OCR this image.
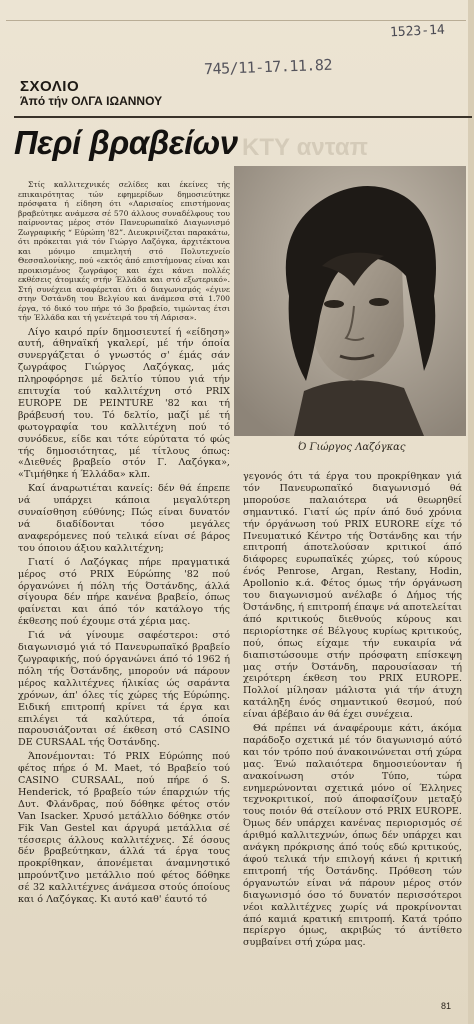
1523-14
745/11-17.11.82
ΣΧΟΛΙΟ
Άπό τήν ΟΛΓΑ ΙΩΑΝΝΟΥ
Περί βραβείων ΚΤΥ ανταπ
Ό Γιώργος Λαζόγκας

Στίς καλλιτεχνικές σελίδες και έκείνες τής επικαιρότητας τών εφημερίδων δημοσιεύτηκε πρόσφατα ή είδηση ότι «Λαρισαίος επιστήμονας βραβεύτηκε ανάμεσα σέ 570 άλλους συναδέλφους του παίρνοντας μέρος στόν Πανευρωπαϊκό Διαγωνισμό Ζωγραφικής “ Εύρώπη '82”. Διευκρινίζεται παρακάτω, ότι πρόκειται γιά τόν Γιώργο Λαζόγκα, άρχιτέκτονα και μόνιμο επιμελητή στό Πολυτεχνείο Θεσσαλονίκης, πού «εκτός άπό επιστήμονας είναι και προικισμένος ζωγράφος και έχει κάνει πολλές εκθέσεις άτομικές στήν Έλλάδα και στό εξωτερικό». Στή συνέχεια αναφέρεται ότι ό διαγωνισμός «έγινε στην Όστάνδη του Βελγίου και άνάμεσα στά 1.700 έργα, τό δικό του πήρε τό 3ο βραβείο, τιμώντας έτσι τήν Έλλάδα και τή γενέτειρά του τή Λάρισα».

Λίγο καιρό πρίν δημοσιευτεί ή «είδηση» αυτή, άθηναϊκή γκαλερί, μέ τήν όποία συνεργάζεται ό γνωστός σ' έμάς σάν ζωγράφος Γιώργος Λαζόγκας, μάς πληροφόρησε μέ δελτίο τύπου γιά τήν επιτυχία τού καλλιτέχνη στό PRIX EUROPE DE PEINTURE '82 και τή βράβευσή του. Τό δελτίο, μαζί μέ τή φωτογραφία του καλλιτέχνη πού τό συνόδευε, είδε και τότε εύρύτατα τό φώς τής δημοσιότητας, μέ τίτλους όπως: «Διεθνές βραβείο στόν Γ. Λαζόγκα», «Τιμήθηκε ή Έλλάδα» κλπ.

Καί άναρωτιέται κανείς: δέν θά έπρεπε νά υπάρχει κάποια μεγαλύτερη συναίσθηση εύθύνης; Πώς είναι δυνατόν νά διαδίδονται τόσο μεγάλες αναφερόμενες πού τελικά είναι σέ βάρος του όποιου άξιου καλλιτέχνη;

Γιατί ό Λαζόγκας πήρε πραγματικά μέρος στό PRIX Εύρώπης '82 πού όργανώνει ή πόλη τής Όστάνδης, άλλά σίγουρα δέν πήρε κανένα βραβείο, όπως φαίνεται και άπό τόν κατάλογο τής έκθεσης πού έχουμε στά χέρια μας.

Γιά νά γίνουμε σαφέστεροι: στό διαγωνισμό γιά τό Πανευρωπαϊκό βραβείο ζωγραφικής, πού όργανώνει άπό τό 1962 ή πόλη τής Όστάνδης, μπορούν νά πάρουν μέρος καλλιτέχνες ήλικίας ώς σαράντα χρόνων, άπ' όλες τίς χώρες τής Εύρώπης. Ειδική επιτροπή κρίνει τά έργα και επιλέγει τά καλύτερα, τά όποία παρουσιάζονται σέ έκθεση στό CASINO DE CURSAAL τής Όστάνδης.

Άπονέμονται: Τό PRIX Εύρώπης πού φέτος πήρε ό M. Maet, τό Βραβείο τού CASINO CURSAAL, πού πήρε ό S. Henderick, τό βραβείο τών έπαρχιών τής Δυτ. Φλάνδρας, πού δόθηκε φέτος στόν Van Isacker. Χρυσό μετάλλιο δόθηκε στόν Fik Van Gestel και άργυρά μετάλλια σέ τέσσερις άλλους καλλιτέχνες. Σέ όσους δέν βραβεύτηκαν, άλλά τά έργα τους προκρίθηκαν, άπονέμεται άναμνηστικό μπρούντζινο μετάλλιο πού φέτος δόθηκε σέ 32 καλλιτέχνες άνάμεσα στούς όποίους και ό Λαζόγκας. Κι αυτό καθ' έαυτό τό

γεγονός ότι τά έργα του προκρίθηκαν γιά τόν Πανευρωπαϊκό διαγωνισμό θά μπορούσε παλαιότερα νά θεωρηθεί σημαντικό. Γιατί ώς πρίν άπό δυό χρόνια τήν όργάνωση τού PRIX EURORE είχε τό Πνευματικό Κέντρο τής Όστάνδης και τήν επιτροπή άποτελούσαν κριτικοί άπό διάφορες ευρωπαϊκές χώρες, τού κύρους ένός Penrose, Argan, Restany, Hodin, Apollonio κ.ά. Φέτος όμως τήν όργάνωση του διαγωνισμού ανέλαβε ό Δήμος τής Όστάνδης, ή επιτροπή έπαψε νά αποτελείται άπό κριτικούς διεθνούς κύρους και περιορίστηκε σέ Βέλγους κυρίως κριτικούς, πού, όπως είχαμε τήν ευκαιρία νά διαπιστώσουμε στήν πρόσφατη επίσκεψη μας στήν Όστάνδη, παρουσίασαν τή χειρότερη έκθεση του PRIX EUROPE. Πολλοί μίλησαν μάλιστα γιά τήν άτυχη κατάληξη ένός σημαντικού θεσμού, πού είναι άβέβαιο άν θά έχει συνέχεια.

Θά πρέπει νά άναφέρουμε κάτι, άκόμα παράδοξο σχετικά μέ τόν διαγωνισμό αύτό και τόν τρόπο πού άνακοινώνεται στή χώρα μας. Ένώ παλαιότερα δημοσιεύονταν ή ανακοίνωση στόν Τύπο, τώρα ενημερώνονται σχετικά μόνο οί Έλληνες τεχνοκριτικοί, πού άποφασίζουν μεταξύ τους ποιόν θά στείλουν στό PRIX EUROPE. Όμως δέν υπάρχει κανένας περιορισμός σέ άριθμό καλλιτεχνών, όπως δέν υπάρχει και ανάγκη πρόκρισης άπό τούς εδώ κριτικούς, άφού τελικά τήν επιλογή κάνει ή κριτική επιτροπή τής Όστάνδης. Πρόθεση τών όργανωτών είναι νά πάρουν μέρος στόν διαγωνισμό όσο τό δυνατόν περισσότεροι νέοι καλλιτέχνες χωρίς νά προκρίνονται άπό καμιά κρατική επιτροπή. Κατά τρόπο περίεργο όμως, ακριβώς τό άντίθετο συμβαίνει στή χώρα μας.

81
